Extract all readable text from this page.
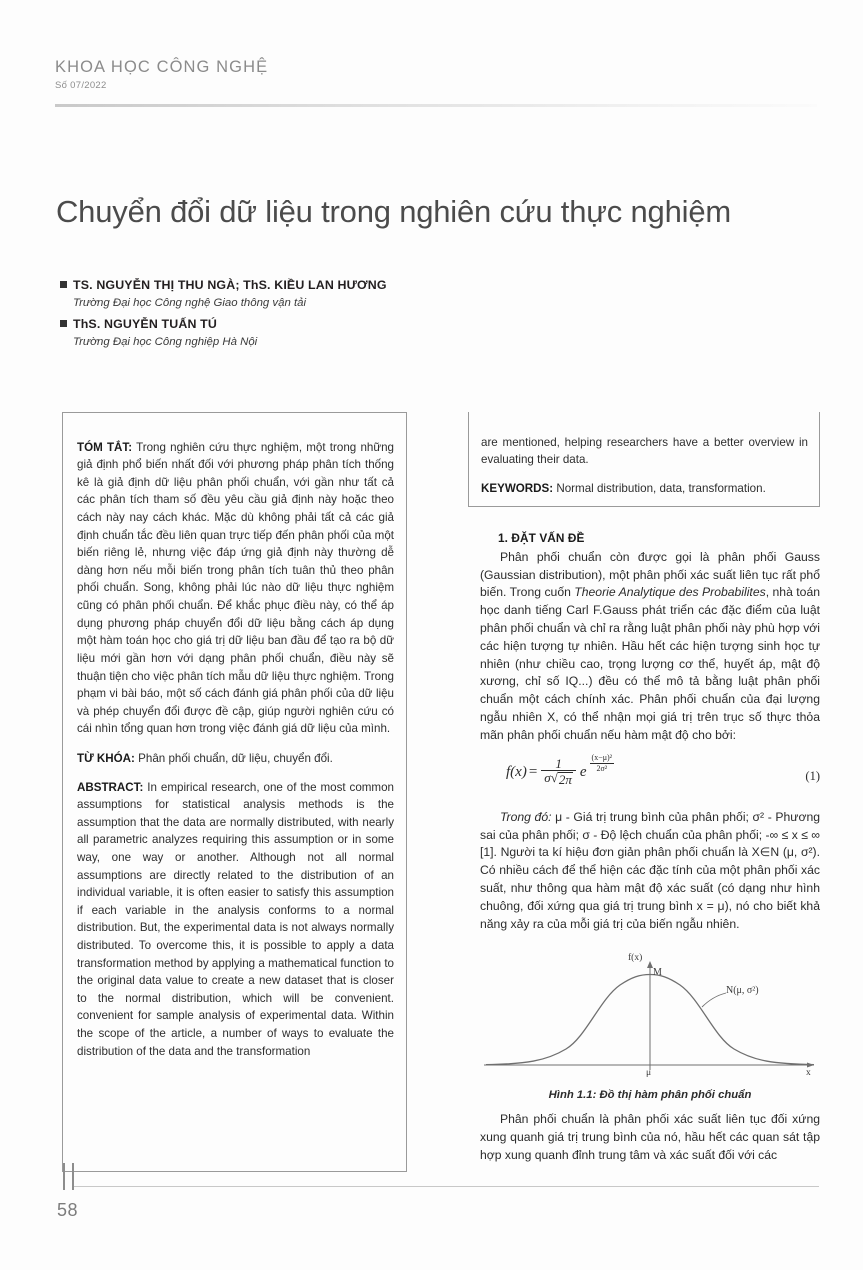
KHOA HỌC CÔNG NGHỆ
Số 07/2022
Chuyển đổi dữ liệu trong nghiên cứu thực nghiệm
TS. NGUYỄN THỊ THU NGÀ; ThS. KIỀU LAN HƯƠNG
Trường Đại học Công nghệ Giao thông vận tải
ThS. NGUYỄN TUẤN TÚ
Trường Đại học Công nghiệp Hà Nội

TÓM TẮT: Trong nghiên cứu thực nghiệm, một trong những giả định phổ biến nhất đối với phương pháp phân tích thống kê là giả định dữ liệu phân phối chuẩn, với gần như tất cả các phân tích tham số đều yêu cầu giả định này hoặc theo cách này nay cách khác. Mặc dù không phải tất cả các giả định chuẩn tắc đều liên quan trực tiếp đến phân phối của một biến riêng lẻ, nhưng việc đáp ứng giả định này thường dễ dàng hơn nếu mỗi biến trong phân tích tuân thủ theo phân phối chuẩn. Song, không phải lúc nào dữ liệu thực nghiệm cũng có phân phối chuẩn. Để khắc phục điều này, có thể áp dụng phương pháp chuyển đổi dữ liệu bằng cách áp dụng một hàm toán học cho giá trị dữ liệu ban đầu để tạo ra bộ dữ liệu mới gần hơn với dạng phân phối chuẩn, điều này sẽ thuận tiện cho việc phân tích mẫu dữ liệu thực nghiệm. Trong phạm vi bài báo, một số cách đánh giá phân phối của dữ liệu và phép chuyển đổi được đề cập, giúp người nghiên cứu có cái nhìn tổng quan hơn trong việc đánh giá dữ liệu của mình.

TỪ KHÓA: Phân phối chuẩn, dữ liệu, chuyển đổi.

ABSTRACT: In empirical research, one of the most common assumptions for statistical analysis methods is the assumption that the data are normally distributed, with nearly all parametric analyzes requiring this assumption or in some way, one way or another. Although not all normal assumptions are directly related to the distribution of an individual variable, it is often easier to satisfy this assumption if each variable in the analysis conforms to a normal distribution. But, the experimental data is not always normally distributed. To overcome this, it is possible to apply a data transformation method by applying a mathematical function to the original data value to create a new dataset that is closer to the normal distribution, which will be convenient. convenient for sample analysis of experimental data. Within the scope of the article, a number of ways to evaluate the distribution of the data and the transformation

are mentioned, helping researchers have a better overview in evaluating their data.

KEYWORDS: Normal distribution, data, transformation.

1. ĐẶT VẤN ĐỀ

Phân phối chuẩn còn được gọi là phân phối Gauss (Gaussian distribution), một phân phối xác suất liên tục rất phổ biến. Trong cuốn Theorie Analytique des Probabilites, nhà toán học danh tiếng Carl F.Gauss phát triển các đặc điểm của luật phân phối chuẩn và chỉ ra rằng luật phân phối này phù hợp với các hiện tượng tự nhiên. Hầu hết các hiện tượng sinh học tự nhiên (như chiều cao, trọng lượng cơ thể, huyết áp, mật độ xương, chỉ số IQ...) đều có thể mô tả bằng luật phân phối chuẩn một cách chính xác. Phân phối chuẩn của đại lượng ngẫu nhiên X, có thể nhận mọi giá trị trên trục số thực thỏa mãn phân phối chuẩn nếu hàm mật độ cho bởi:

$f(x) = \frac{1}{\sigma √ 2\pi}$ e $\frac{\text{(x−μ)²}}{\text{2σ²}}$
(1)

Trong đó: μ - Giá trị trung bình của phân phối; σ² - Phương sai của phân phối; σ - Độ lệch chuẩn của phân phối; -∞ ≤ x ≤ ∞ [1]. Người ta kí hiệu đơn giản phân phối chuẩn là X∈N (μ, σ²). Có nhiều cách để thể hiện các đặc tính của một phân phối xác suất, như thông qua hàm mật độ xác suất (có dạng như hình chuông, đối xứng qua giá trị trung bình x = μ), nó cho biết khả năng xảy ra của mỗi giá trị của biến ngẫu nhiên.

f(x)
M
N(μ, σ²)
μ	x
Hình 1.1: Đồ thị hàm phân phối chuẩn

Phân phối chuẩn là phân phối xác suất liên tục đối xứng xung quanh giá trị trung bình của nó, hầu hết các quan sát tập hợp xung quanh đỉnh trung tâm và xác suất đối với các

58
